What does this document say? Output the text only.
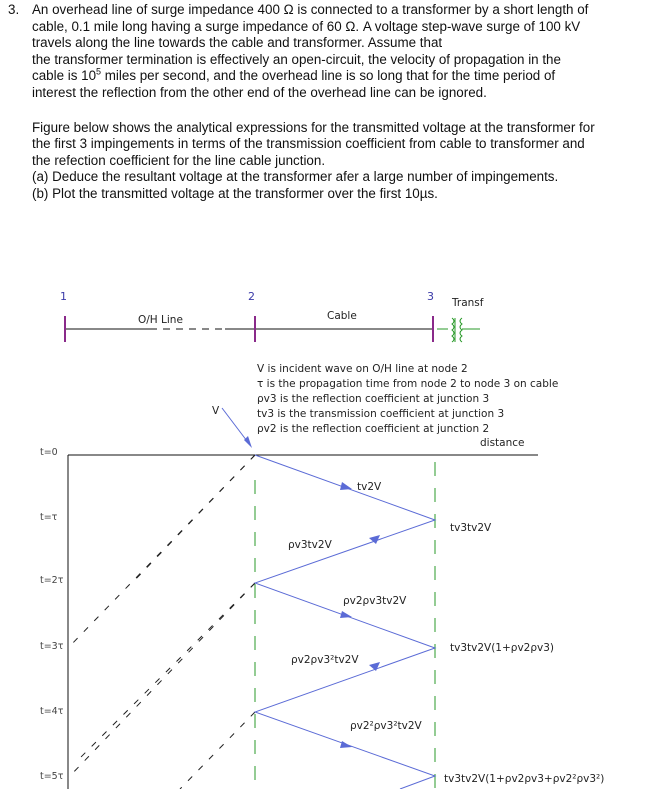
3. An overhead line of surge impedance 400 Ω is connected to a transformer by a short length of
cable, 0.1 mile long having a surge impedance of 60 Ω. A voltage step-wave surge of 100 kV
travels along the line towards the cable and transformer. Assume that
the transformer termination is effectively an open-circuit, the velocity of propagation in the
cable is $10^5$ miles per second, and the overhead line is so long that for the time period of
interest the reflection from the other end of the overhead line can be ignored.

Figure below shows the analytical expressions for the transmitted voltage at the transformer for
the first 3 impingements in terms of the transmission coefficient from cable to transformer and
the refection coefficient for the line cable junction.
(a) Deduce the resultant voltage at the transformer afer a large number of impingements.
(b) Plot the transmitted voltage at the transformer over the first 10µs.

1	2	3 Transf
O/H Line	Cable
V is incident wave on O/H line at node 2
τ is the propagation time from node 2 to node 3 on cable
ρv3 is the reflection coefficient at junction 3
tv3 is the transmission coefficient at junction 3
ρv2 is the reflection coefficient at junction 2
V
distance
t=0
t=τ
t=2τ
t=3τ
t=4τ
t=5τ
tv2V
tv3tv2V
ρv3tv2V
ρv2ρv3tv2V
tv3tv2V(1+ρv2ρv3)
ρv2ρv3²tv2V
ρv2²ρv3²tv2V
tv3tv2V(1+ρv2ρv3+ρv2²ρv3²)
